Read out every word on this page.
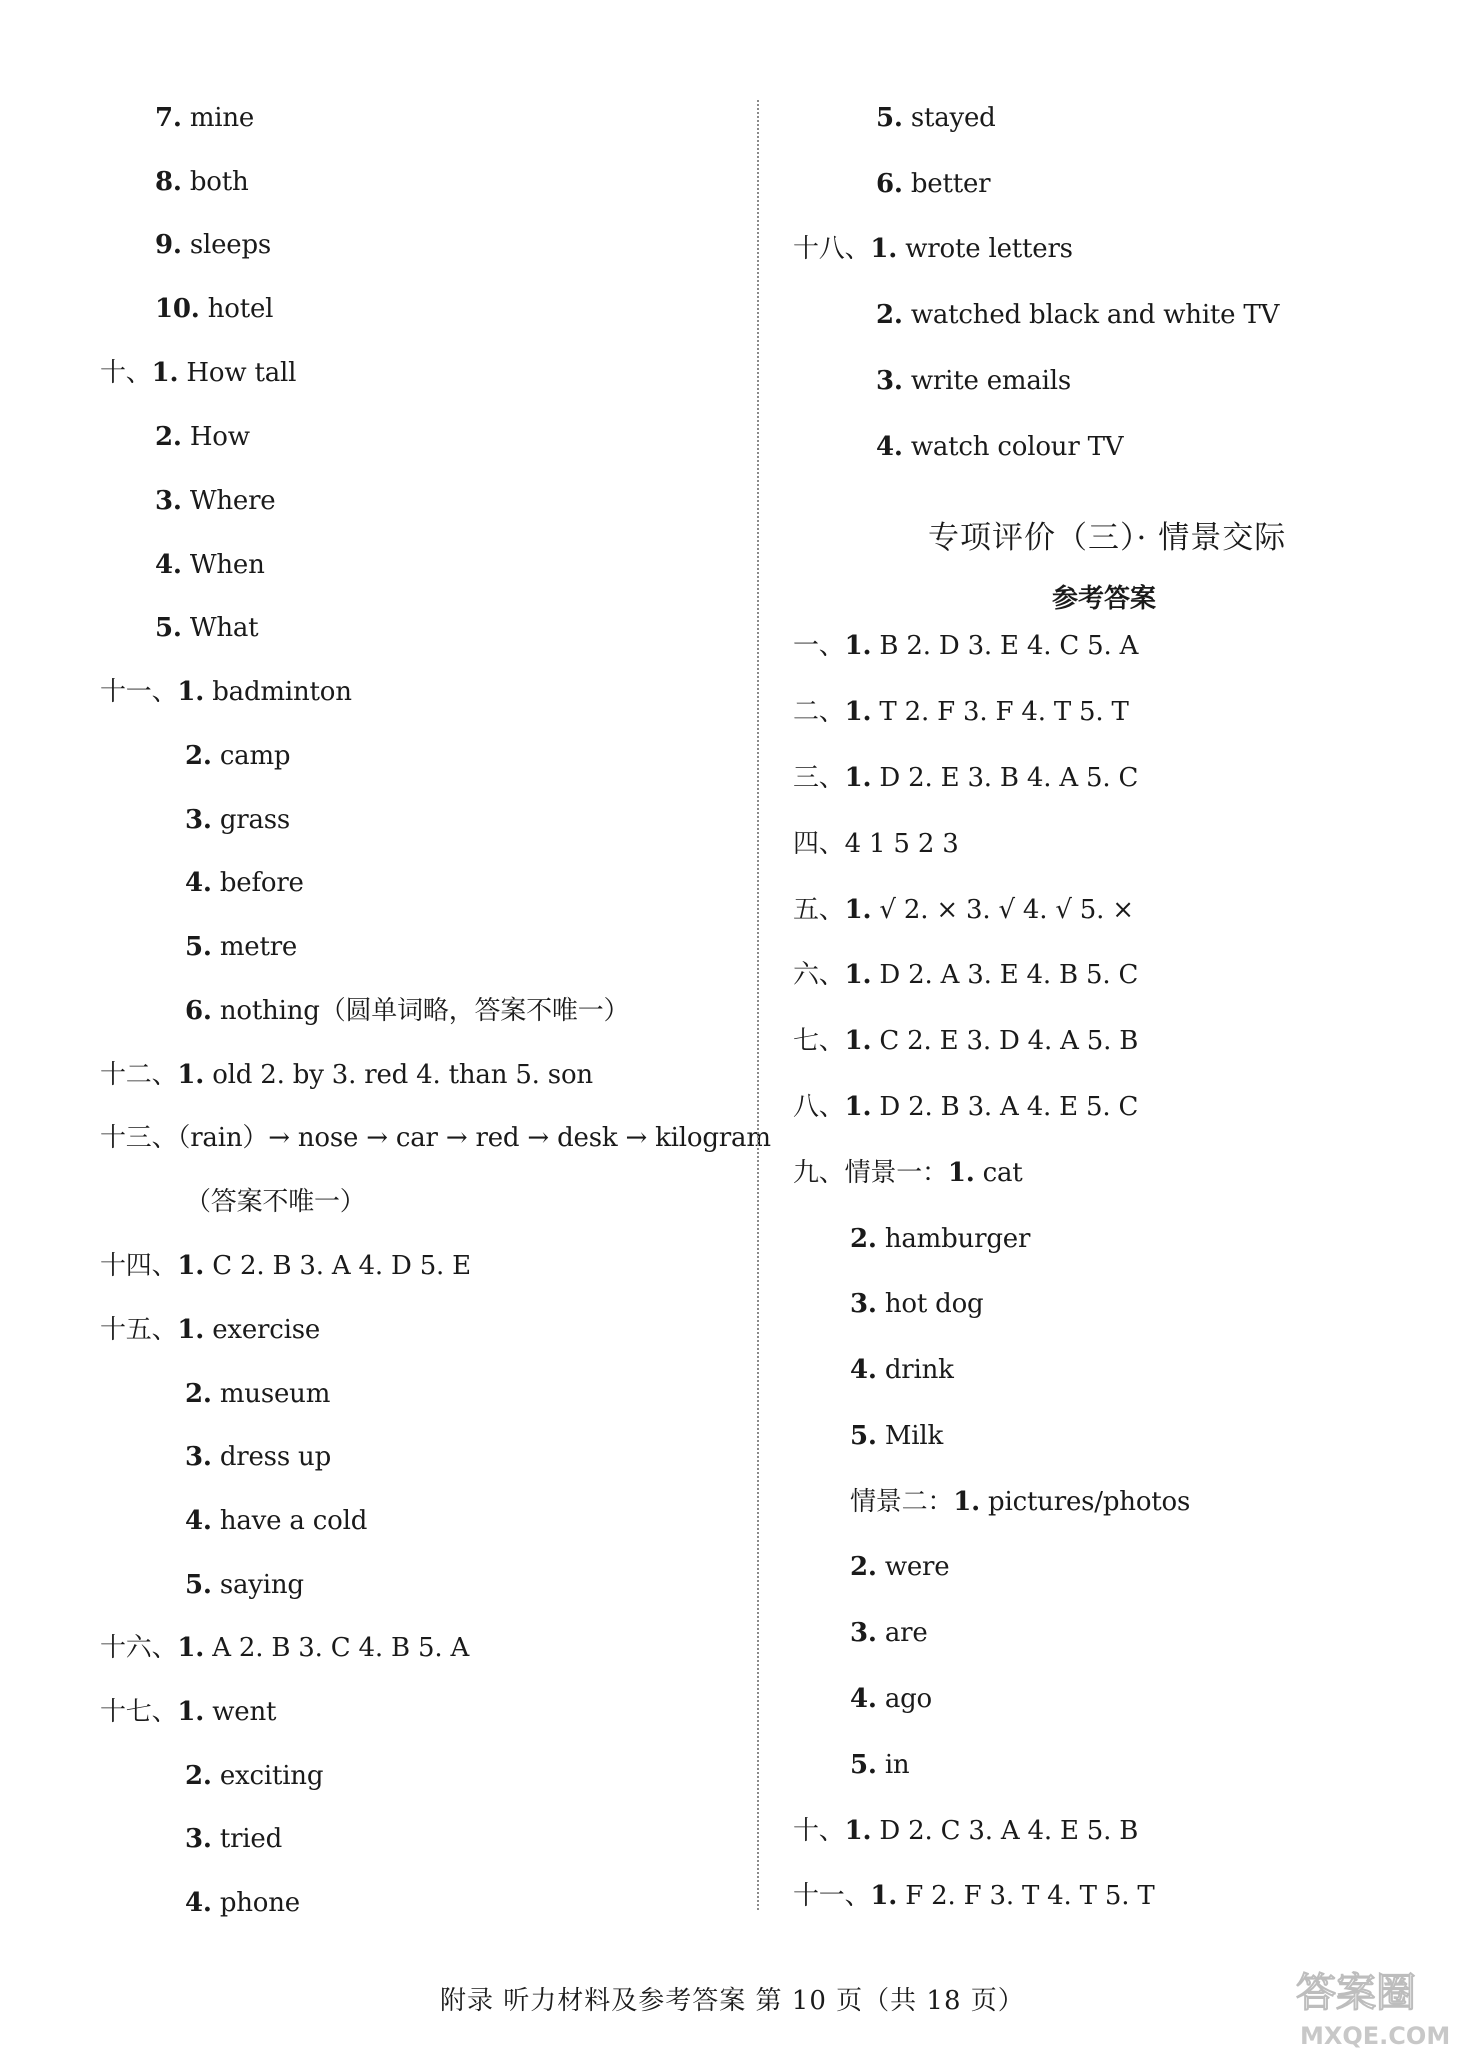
7. mine
8. both
9. sleeps
10. hotel
十、1. How tall
2. How
3. Where
4. When
5. What
十一、1. badminton
2. camp
3. grass
4. before
5. metre
6. nothing（圆单词略，答案不唯一）
十二、1. old 2. by 3. red 4. than 5. son
十三、（rain）→ nose → car → red → desk → kilogram
（答案不唯一）
十四、1. C 2. B 3. A 4. D 5. E
十五、1. exercise
2. museum
3. dress up
4. have a cold
5. saying
十六、1. A 2. B 3. C 4. B 5. A
十七、1. went
2. exciting
3. tried
4. phone
5. stayed
6. better
十八、1. wrote letters
2. watched black and white TV
3. write emails
4. watch colour TV
一、1. B 2. D 3. E 4. C 5. A
二、1. T 2. F 3. F 4. T 5. T
三、1. D 2. E 3. B 4. A 5. C
四、4 1 5 2 3
五、1. √ 2. × 3. √ 4. √ 5. ×
六、1. D 2. A 3. E 4. B 5. C
七、1. C 2. E 3. D 4. A 5. B
八、1. D 2. B 3. A 4. E 5. C
九、情景一：1. cat
2. hamburger
3. hot dog
4. drink
5. Milk
情景二：1. pictures/photos
2. were
3. are
4. ago
5. in
十、1. D 2. C 3. A 4. E 5. B
十一、1. F 2. F 3. T 4. T 5. T
专项评价（三）· 情景交际
参考答案
附录 听力材料及参考答案 第 10 页（共 18 页）	答案圈
MXQE.COM
